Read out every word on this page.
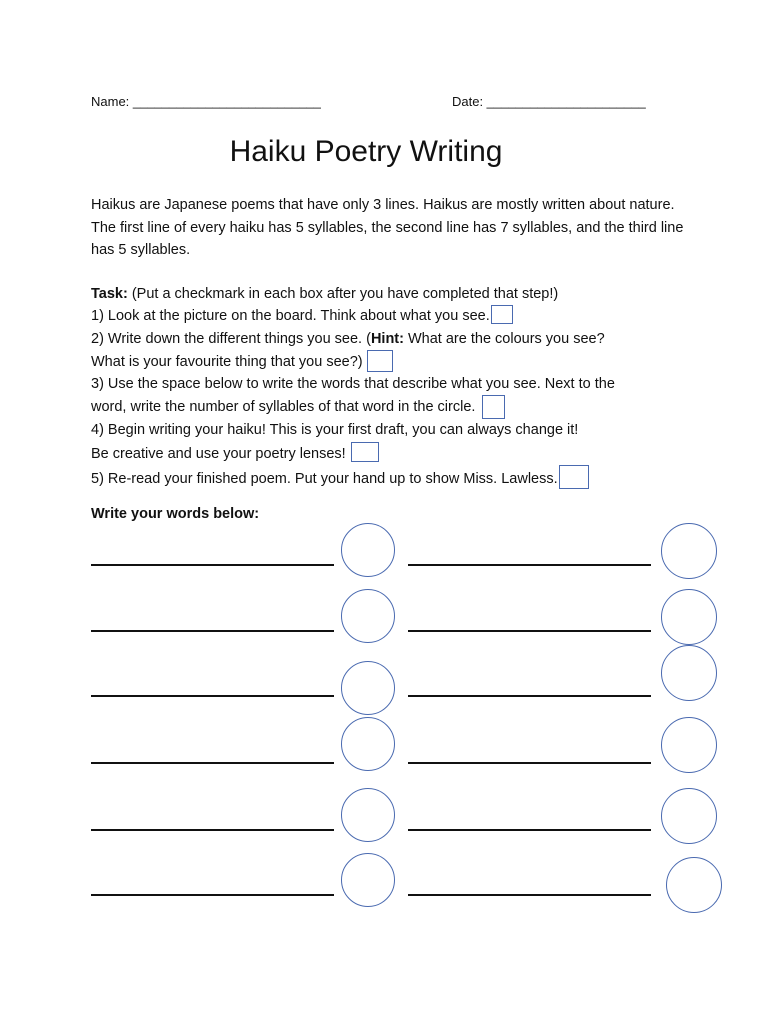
Name: __________________________	Date: ______________________
Haiku Poetry Writing

Haikus are Japanese poems that have only 3 lines. Haikus are mostly written about nature. The first line of every haiku has 5 syllables, the second line has 7 syllables, and the third line has 5 syllables.

Task: (Put a checkmark in each box after you have completed that step!)
1) Look at the picture on the board. Think about what you see.
2) Write down the different things you see. (Hint: What are the colours you see?
What is your favourite thing that you see?)
3) Use the space below to write the words that describe what you see. Next to the
word, write the number of syllables of that word in the circle.
4) Begin writing your haiku! This is your first draft, you can always change it!
Be creative and use your poetry lenses!
5) Re-read your finished poem. Put your hand up to show Miss. Lawless.

Write your words below:
